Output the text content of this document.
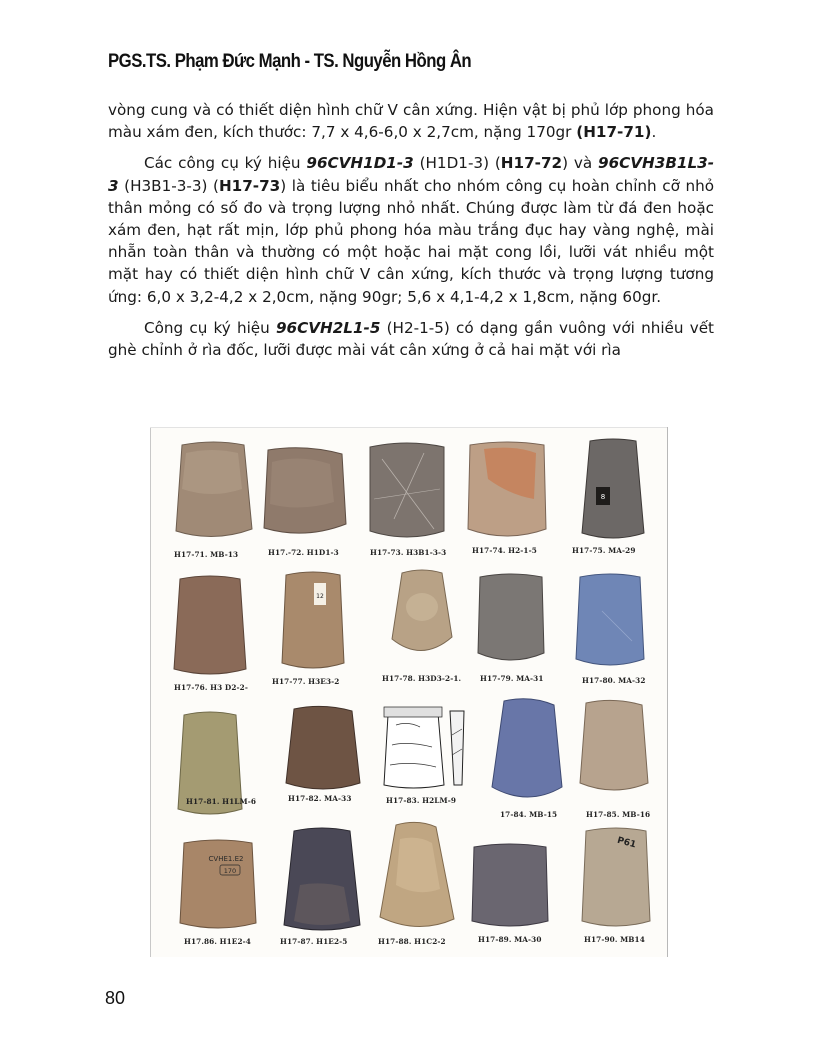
PGS.TS. Phạm Đức Mạnh - TS. Nguyễn Hồng Ân

vòng cung và có thiết diện hình chữ V cân xứng. Hiện vật bị phủ lớp phong hóa màu xám đen, kích thước: 7,7 x 4,6-6,0 x 2,7cm, nặng 170gr (H17-71).

Các công cụ ký hiệu 96CVH1D1-3 (H1D1-3) (H17-72) và 96CVH3B1L3-3 (H3B1-3-3) (H17-73) là tiêu biểu nhất cho nhóm công cụ hoàn chỉnh cỡ nhỏ thân mỏng có số đo và trọng lượng nhỏ nhất. Chúng được làm từ đá đen hoặc xám đen, hạt rất mịn, lớp phủ phong hóa màu trắng đục hay vàng nghệ, mài nhẵn toàn thân và thường có một hoặc hai mặt cong lồi, lưỡi vát nhiều một mặt hay có thiết diện hình chữ V cân xứng, kích thước và trọng lượng tương ứng: 6,0 x 3,2-4,2 x 2,0cm, nặng 90gr; 5,6 x 4,1-4,2 x 1,8cm, nặng 60gr.

Công cụ ký hiệu 96CVH2L1-5 (H2-1-5) có dạng gần vuông với nhiều vết ghè chỉnh ở rìa đốc, lưỡi được mài vát cân xứng ở cả hai mặt với rìa

8
H17-71. MB-13	H17.-72. H1D1-3	H17-73. H3B1-3-3	H17-74. H2-1-5	H17-75. MA-29
12
H17-76. H3 D2-2-
H17-77. H3E3-2	H17-78. H3D3-2-1.	H17-79. MA-31	H17-80. MA-32
H17-81. H1LM-6	H17-82. MA-33	H17-83. H2LM-9
17-84. MB-15	H17-85. MB-16
CVHE1.E2
170
P61
H17.86. H1E2-4	H17-87. H1E2-5	H17-88. H1C2-2	H17-89. MA-30	H17-90. MB14
80
